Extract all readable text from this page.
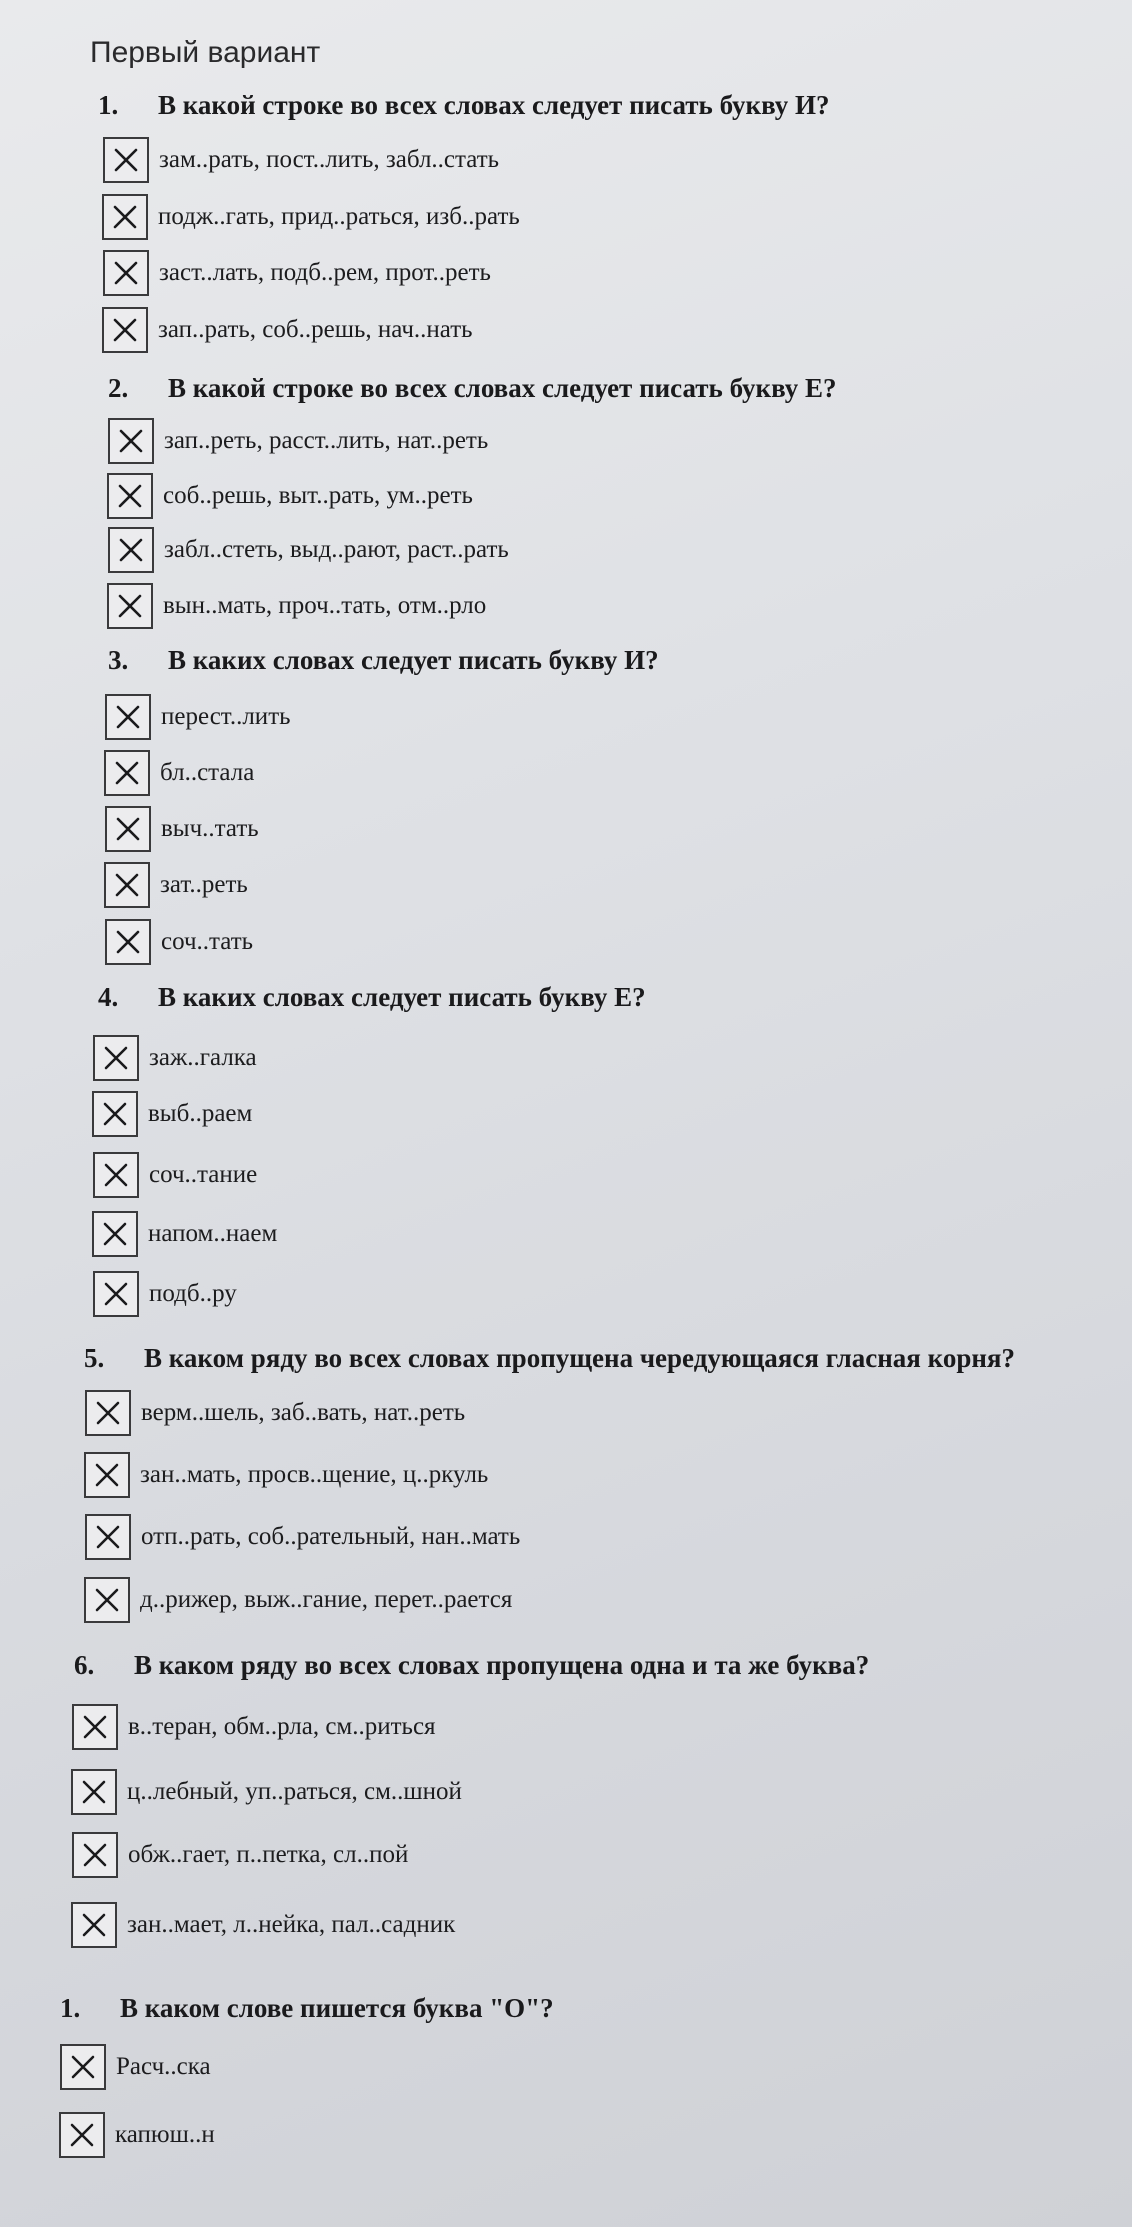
Первый вариант

1. В какой строке во всех словах следует писать букву И?

зам..рать, пост..лить, забл..стать
подж..гать, прид..раться, изб..рать
заст..лать, подб..рем, прот..реть
зап..рать, соб..решь, нач..нать

2. В какой строке во всех словах следует писать букву Е?

зап..реть, расст..лить, нат..реть
соб..решь, выт..рать, ум..реть
забл..стеть, выд..рают, раст..рать
вын..мать, проч..тать, отм..рло

3. В каких словах следует писать букву И?

перест..лить
бл..стала
выч..тать
зат..реть
соч..тать

4. В каких словах следует писать букву Е?

заж..галка
выб..раем
соч..тание
напом..наем
подб..ру

5. В каком ряду во всех словах пропущена чередующаяся гласная корня?

верм..шель, заб..вать, нат..реть
зан..мать, просв..щение, ц..ркуль
отп..рать, соб..рательный, нан..мать
д..рижер, выж..гание, перет..рается

6. В каком ряду во всех словах пропущена одна и та же буква?

в..теран, обм..рла, см..риться
ц..лебный, уп..раться, см..шной
обж..гает, п..петка, сл..пой
зан..мает, л..нейка, пал..садник

1. В каком слове пишется буква "О"?

Расч..ска
капюш..н
